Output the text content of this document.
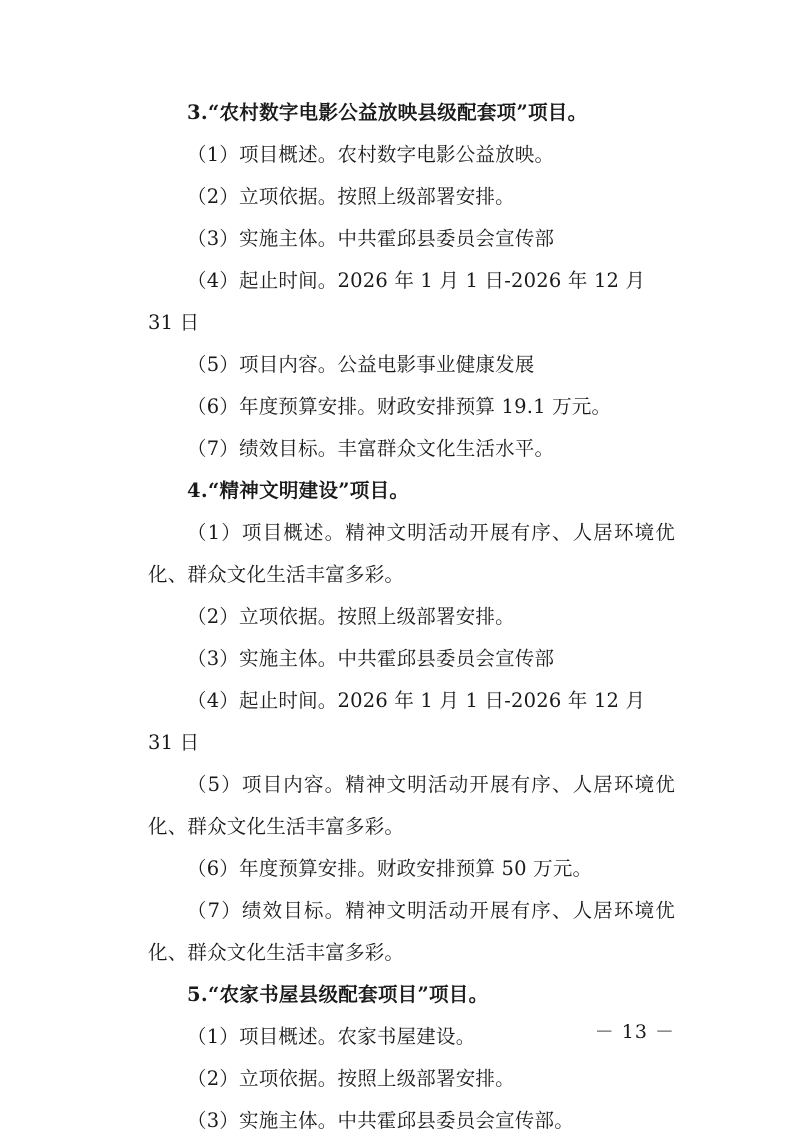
3.“农村数字电影公益放映县级配套项”项目。

（1）项目概述。农村数字电影公益放映。

（2）立项依据。按照上级部署安排。

（3）实施主体。中共霍邱县委员会宣传部

（4）起止时间。2026 年 1 月 1 日-2026 年 12 月 31 日

（5）项目内容。公益电影事业健康发展

（6）年度预算安排。财政安排预算 19.1 万元。

（7）绩效目标。丰富群众文化生活水平。

4.“精神文明建设”项目。

（1）项目概述。精神文明活动开展有序、人居环境优化、群众文化生活丰富多彩。

（2）立项依据。按照上级部署安排。

（3）实施主体。中共霍邱县委员会宣传部

（4）起止时间。2026 年 1 月 1 日-2026 年 12 月 31 日

（5）项目内容。精神文明活动开展有序、人居环境优化、群众文化生活丰富多彩。

（6）年度预算安排。财政安排预算 50 万元。

（7）绩效目标。精神文明活动开展有序、人居环境优化、群众文化生活丰富多彩。

5.“农家书屋县级配套项目”项目。

（1）项目概述。农家书屋建设。

（2）立项依据。按照上级部署安排。

（3）实施主体。中共霍邱县委员会宣传部。

－ 13 －
